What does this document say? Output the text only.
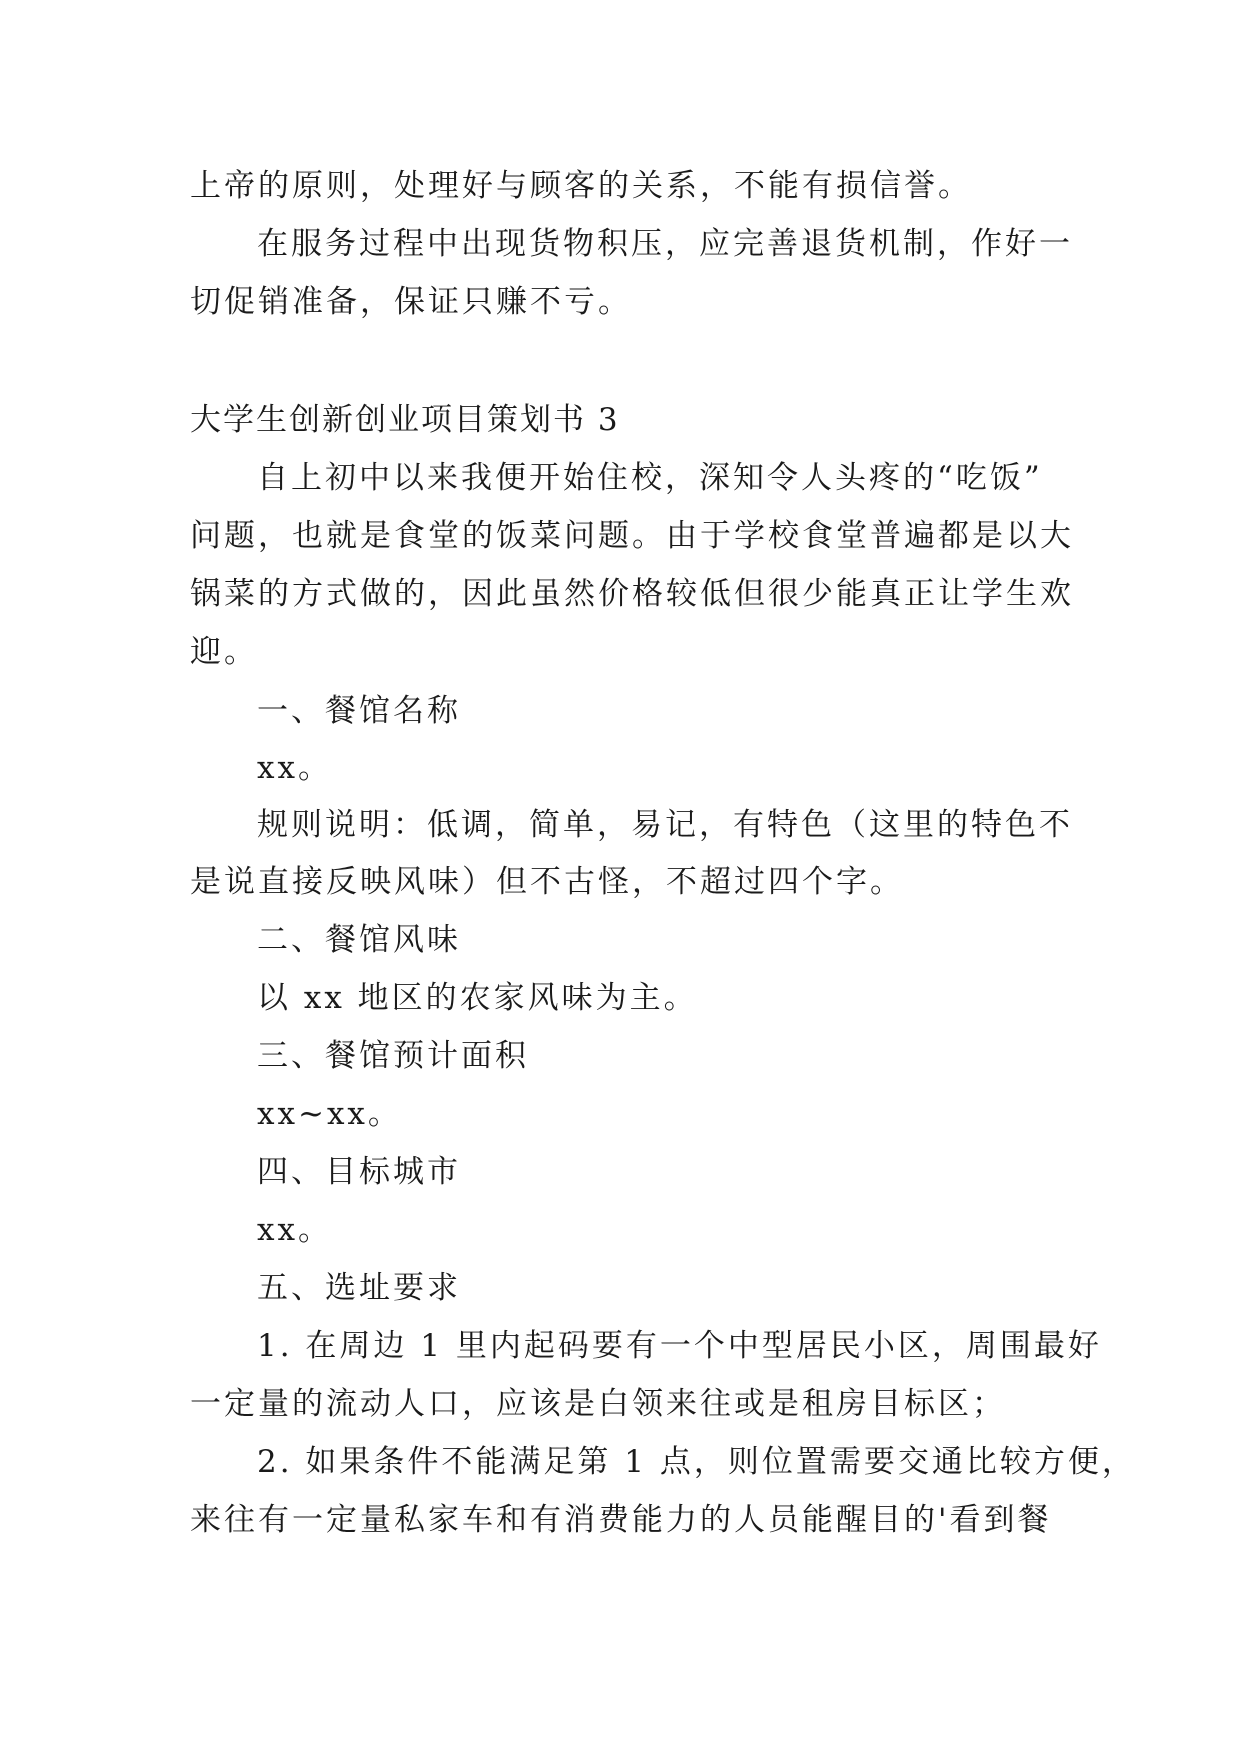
上帝的原则，处理好与顾客的关系，不能有损信誉。
在服务过程中出现货物积压，应完善退货机制，作好一
切促销准备，保证只赚不亏。
大学生创新创业项目策划书 3
自上初中以来我便开始住校，深知令人头疼的“吃饭”
问题，也就是食堂的饭菜问题。由于学校食堂普遍都是以大
锅菜的方式做的，因此虽然价格较低但很少能真正让学生欢
迎。
一、餐馆名称
xx。
规则说明：低调，简单，易记，有特色（这里的特色不
是说直接反映风味）但不古怪，不超过四个字。
二、餐馆风味
以 xx 地区的农家风味为主。
三、餐馆预计面积
xx~xx。
四、目标城市
xx。
五、选址要求
1. 在周边 1 里内起码要有一个中型居民小区，周围最好
一定量的流动人口，应该是白领来往或是租房目标区；
2. 如果条件不能满足第 1 点，则位置需要交通比较方便，
来往有一定量私家车和有消费能力的人员能醒目的'看到餐
